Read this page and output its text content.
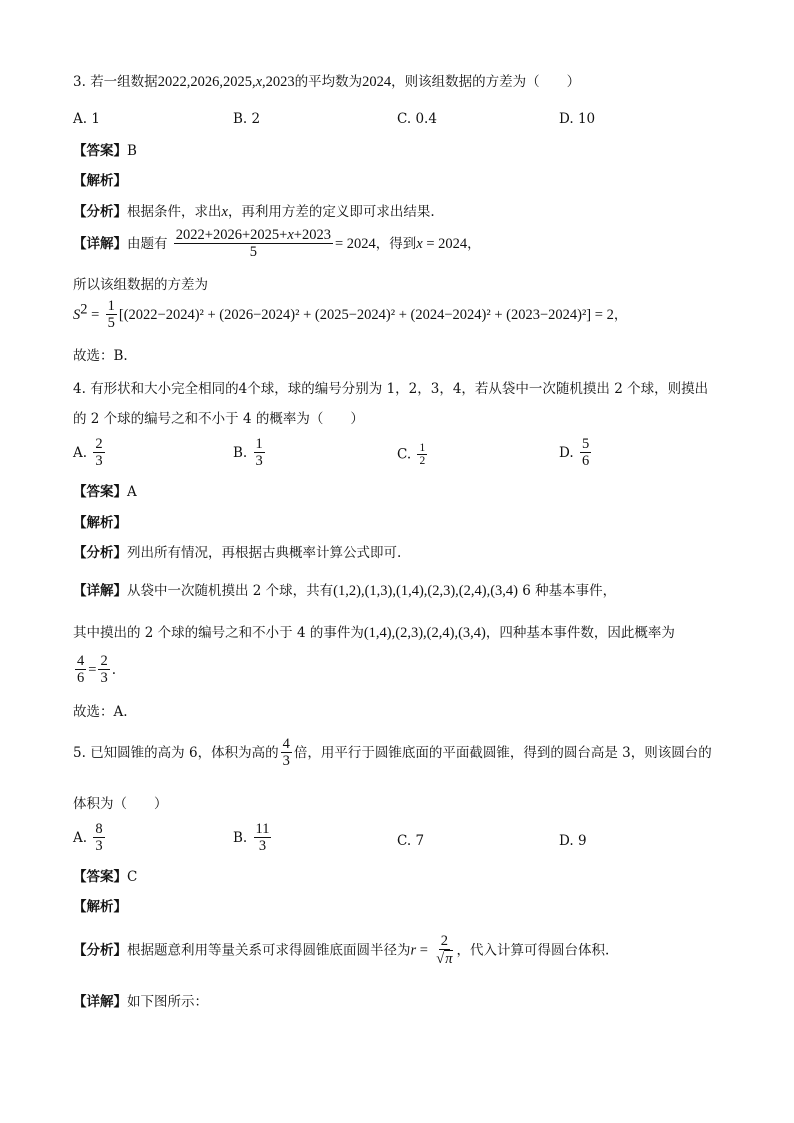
3. 若一组数据2022,2026,2025,x,2023的平均数为2024，则该组数据的方差为（　　）
A. 1	B. 2	C. 0.4	D. 10
【答案】B
【解析】
【分析】根据条件，求出x，再利用方差的定义即可求出结果.
【详解】由题有 $\frac{2022+2026+2025+x+2023}{5} = 2024$，得到x = 2024，
所以该组数据的方差为
$S^2 = \frac{1}{5} [(2022-2024)^2 + (2026-2024)^2 + (2025-2024)^2 + (2024-2024)^2 + (2023-2024)^2] = 2$，
故选：B.
4. 有形状和大小完全相同的4个球，球的编号分别为 1，2，3，4，若从袋中一次随机摸出 2 个球，则摸出
的 2 个球的编号之和不小于 4 的概率为（　　）
A. $\frac{2}{3}$	B. $\frac{1}{3}$	C. $\frac{1}{2}$	D. $\frac{5}{6}$
【答案】A
【解析】
【分析】列出所有情况，再根据古典概率计算公式即可.
【详解】从袋中一次随机摸出 2 个球，共有(1,2),(1,3),(1,4),(2,3),(2,4),(3,4) 6 种基本事件，
其中摸出的 2 个球的编号之和不小于 4 的事件为(1,4),(2,3),(2,4),(3,4)，四种基本事件数，因此概率为
$\frac{4}{6} = \frac{2}{3}$ .
故选：A.
5. 已知圆锥的高为 6，体积为高的 $\frac{4}{3}$ 倍，用平行于圆锥底面的平面截圆锥，得到的圆台高是 3，则该圆台的
体积为（　　）
A. $\frac{8}{3}$	B. $\frac{11}{3}$	C. 7	D. 9
【答案】C
【解析】
【分析】根据题意利用等量关系可求得圆锥底面圆半径为$r = \frac{2}{√\pi}$ ，代入计算可得圆台体积.
【详解】如下图所示：
